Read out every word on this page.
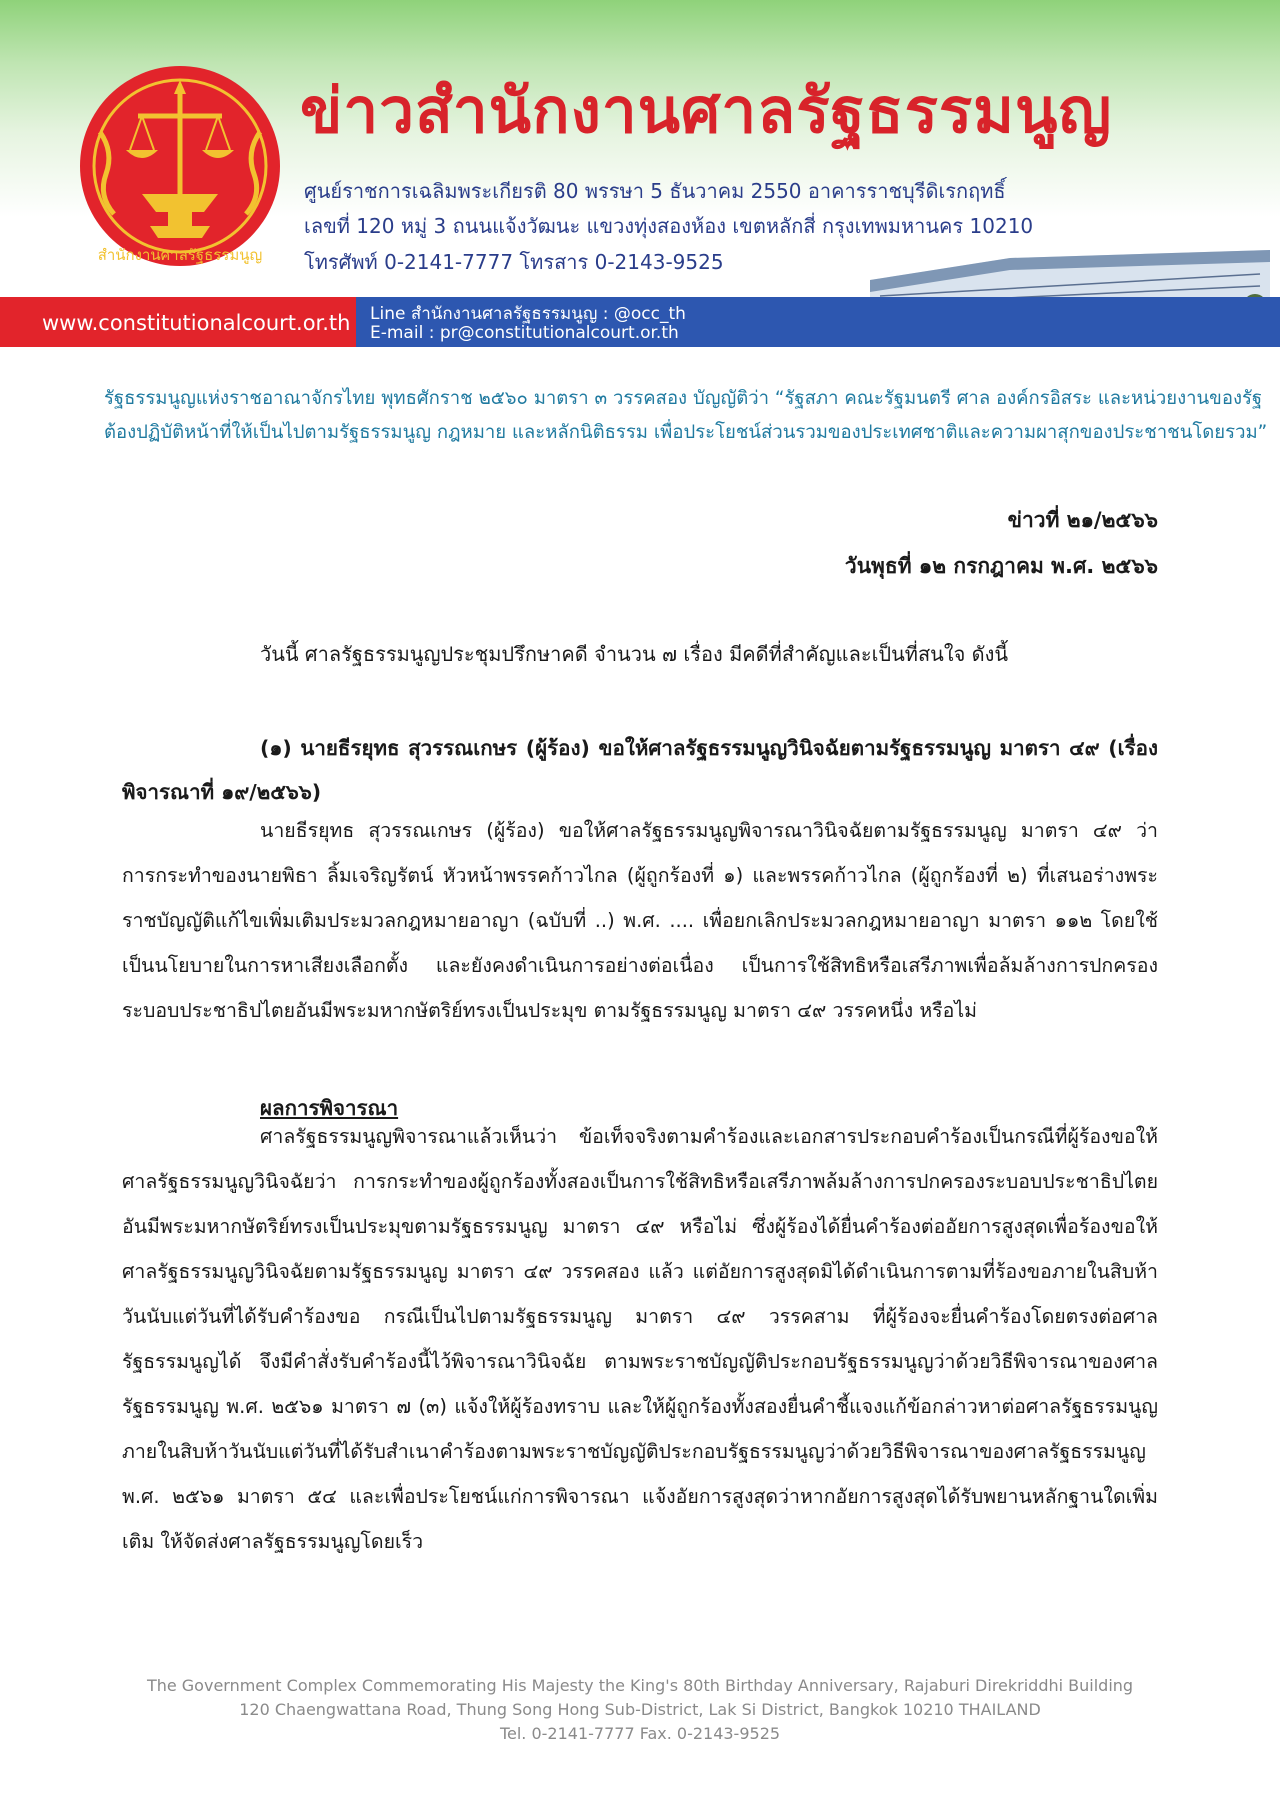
สำนักงานศาลรัฐธรรมนูญ
ข่าวสำนักงานศาลรัฐธรรมนูญ
ศูนย์ราชการเฉลิมพระเกียรติ 80 พรรษา 5 ธันวาคม 2550 อาคารราชบุรีดิเรกฤทธิ์
เลขที่ 120 หมู่ 3 ถนนแจ้งวัฒนะ แขวงทุ่งสองห้อง เขตหลักสี่ กรุงเทพมหานคร 10210
โทรศัพท์ 0-2141-7777 โทรสาร 0-2143-9525
www.constitutionalcourt.or.th Line สำนักงานศาลรัฐธรรมนูญ : @occ_th
E-mail : pr@constitutionalcourt.or.th
รัฐธรรมนูญแห่งราชอาณาจักรไทย พุทธศักราช ๒๕๖๐ มาตรา ๓ วรรคสอง บัญญัติว่า “รัฐสภา คณะรัฐมนตรี ศาล องค์กรอิสระ และหน่วยงานของรัฐ
ต้องปฏิบัติหน้าที่ให้เป็นไปตามรัฐธรรมนูญ กฎหมาย และหลักนิติธรรม เพื่อประโยชน์ส่วนรวมของประเทศชาติและความผาสุกของประชาชนโดยรวม”
ข่าวที่ ๒๑/๒๕๖๖
วันพุธที่ ๑๒ กรกฎาคม พ.ศ. ๒๕๖๖
วันนี้ ศาลรัฐธรรมนูญประชุมปรึกษาคดี จำนวน ๗ เรื่อง มีคดีที่สำคัญและเป็นที่สนใจ ดังนี้
(๑) นายธีรยุทธ สุวรรณเกษร (ผู้ร้อง) ขอให้ศาลรัฐธรรมนูญวินิจฉัยตามรัฐธรรมนูญ มาตรา ๔๙ (เรื่องพิจารณาที่ ๑๙/๒๕๖๖)
นายธีรยุทธ สุวรรณเกษร (ผู้ร้อง) ขอให้ศาลรัฐธรรมนูญพิจารณาวินิจฉัยตามรัฐธรรมนูญ มาตรา ๔๙ ว่า การกระทำของนายพิธา ลิ้มเจริญรัตน์ หัวหน้าพรรคก้าวไกล (ผู้ถูกร้องที่ ๑) และพรรคก้าวไกล (ผู้ถูกร้องที่ ๒) ที่เสนอร่างพระราชบัญญัติแก้ไขเพิ่มเติมประมวลกฎหมายอาญา (ฉบับที่ ..) พ.ศ. .... เพื่อยกเลิกประมวลกฎหมายอาญา มาตรา ๑๑๒ โดยใช้เป็นนโยบายในการหาเสียงเลือกตั้ง และยังคงดำเนินการอย่างต่อเนื่อง เป็นการใช้สิทธิหรือเสรีภาพเพื่อล้มล้างการปกครองระบอบประชาธิปไตยอันมีพระมหากษัตริย์ทรงเป็นประมุข ตามรัฐธรรมนูญ มาตรา ๔๙ วรรคหนึ่ง หรือไม่
ผลการพิจารณา
ศาลรัฐธรรมนูญพิจารณาแล้วเห็นว่า ข้อเท็จจริงตามคำร้องและเอกสารประกอบคำร้องเป็นกรณีที่ผู้ร้องขอให้ศาลรัฐธรรมนูญวินิจฉัยว่า การกระทำของผู้ถูกร้องทั้งสองเป็นการใช้สิทธิหรือเสรีภาพล้มล้างการปกครองระบอบประชาธิปไตยอันมีพระมหากษัตริย์ทรงเป็นประมุขตามรัฐธรรมนูญ มาตรา ๔๙ หรือไม่ ซึ่งผู้ร้องได้ยื่นคำร้องต่ออัยการสูงสุดเพื่อร้องขอให้ศาลรัฐธรรมนูญวินิจฉัยตามรัฐธรรมนูญ มาตรา ๔๙ วรรคสอง แล้ว แต่อัยการสูงสุดมิได้ดำเนินการตามที่ร้องขอภายในสิบห้าวันนับแต่วันที่ได้รับคำร้องขอ กรณีเป็นไปตามรัฐธรรมนูญ มาตรา ๔๙ วรรคสาม ที่ผู้ร้องจะยื่นคำร้องโดยตรงต่อศาลรัฐธรรมนูญได้ จึงมีคำสั่งรับคำร้องนี้ไว้พิจารณาวินิจฉัย ตามพระราชบัญญัติประกอบรัฐธรรมนูญว่าด้วยวิธีพิจารณาของศาลรัฐธรรมนูญ พ.ศ. ๒๕๖๑ มาตรา ๗ (๓) แจ้งให้ผู้ร้องทราบ และให้ผู้ถูกร้องทั้งสองยื่นคำชี้แจงแก้ข้อกล่าวหาต่อศาลรัฐธรรมนูญภายในสิบห้าวันนับแต่วันที่ได้รับสำเนาคำร้องตามพระราชบัญญัติประกอบรัฐธรรมนูญว่าด้วยวิธีพิจารณาของศาลรัฐธรรมนูญ พ.ศ. ๒๕๖๑ มาตรา ๕๔ และเพื่อประโยชน์แก่การพิจารณา แจ้งอัยการสูงสุดว่าหากอัยการสูงสุดได้รับพยานหลักฐานใดเพิ่มเติม ให้จัดส่งศาลรัฐธรรมนูญโดยเร็ว
The Government Complex Commemorating His Majesty the King's 80th Birthday Anniversary, Rajaburi Direkriddhi Building
120 Chaengwattana Road, Thung Song Hong Sub-District, Lak Si District, Bangkok 10210 THAILAND
Tel. 0-2141-7777 Fax. 0-2143-9525
